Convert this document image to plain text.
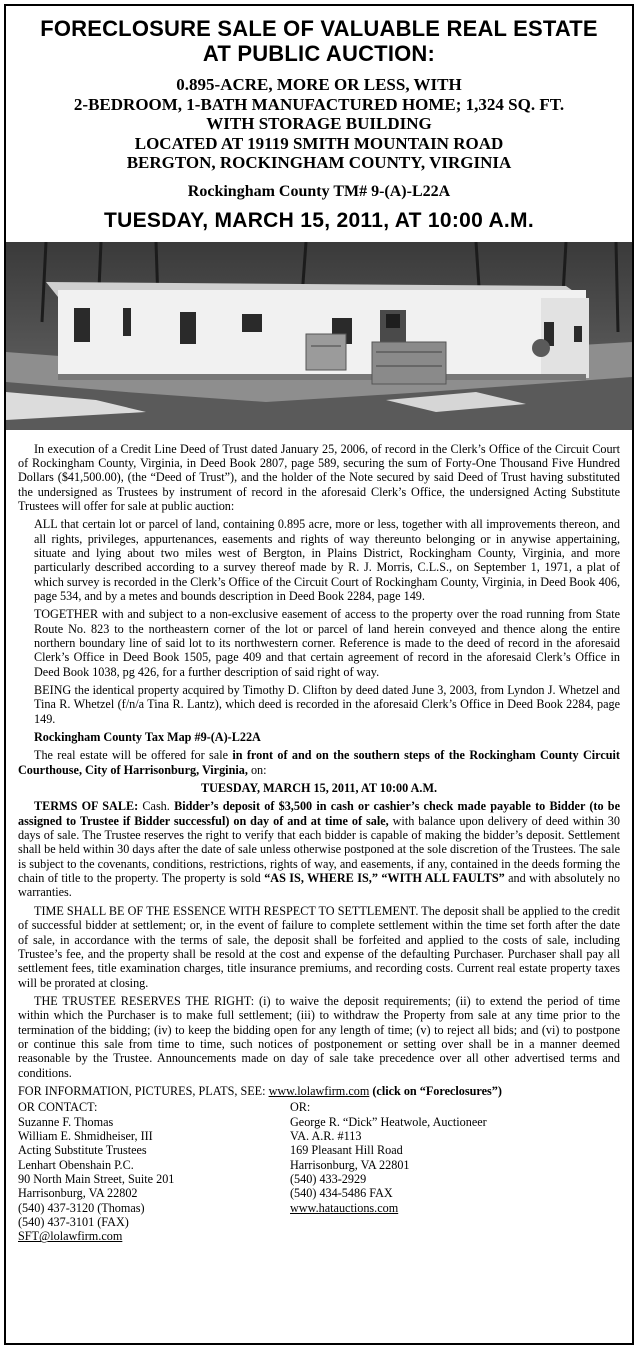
FORECLOSURE SALE OF VALUABLE REAL ESTATE
AT PUBLIC AUCTION:
0.895-ACRE, MORE OR LESS, WITH
2-BEDROOM, 1-BATH MANUFACTURED HOME; 1,324 SQ. FT.
WITH STORAGE BUILDING
LOCATED AT 19119 SMITH MOUNTAIN ROAD
BERGTON, ROCKINGHAM COUNTY, VIRGINIA
Rockingham County TM# 9-(A)-L22A
TUESDAY, MARCH 15, 2011, AT 10:00 A.M.

In execution of a Credit Line Deed of Trust dated January 25, 2006, of record in the Clerk’s Office of the Circuit Court of Rockingham County, Virginia, in Deed Book 2807, page 589, securing the sum of Forty-One Thousand Five Hundred Dollars ($41,500.00), (the “Deed of Trust”), and the holder of the Note secured by said Deed of Trust having substituted the undersigned as Trustees by instrument of record in the aforesaid Clerk’s Office, the undersigned Acting Substitute Trustees will offer for sale at public auction:

ALL that certain lot or parcel of land, containing 0.895 acre, more or less, together with all improvements thereon, and all rights, privileges, appurtenances, easements and rights of way thereunto belonging or in anywise appertaining, situate and lying about two miles west of Bergton, in Plains District, Rockingham County, Virginia, and more particularly described according to a survey thereof made by R. J. Morris, C.L.S., on September 1, 1971, a plat of which survey is recorded in the Clerk’s Office of the Circuit Court of Rockingham County, Virginia, in Deed Book 406, page 534, and by a metes and bounds description in Deed Book 2284, page 149.

TOGETHER with and subject to a non-exclusive easement of access to the property over the road running from State Route No. 823 to the northeastern corner of the lot or parcel of land herein conveyed and thence along the entire northern boundary line of said lot to its northwestern corner. Reference is made to the deed of record in the aforesaid Clerk’s Office in Deed Book 1505, page 409 and that certain agreement of record in the aforesaid Clerk’s Office in Deed Book 1038, pg 426, for a further description of said right of way.

BEING the identical property acquired by Timothy D. Clifton by deed dated June 3, 2003, from Lyndon J. Whetzel and Tina R. Whetzel (f/n/a Tina R. Lantz), which deed is recorded in the aforesaid Clerk’s Office in Deed Book 2284, page 149.

Rockingham County Tax Map #9-(A)-L22A

The real estate will be offered for sale in front of and on the southern steps of the Rockingham County Circuit Courthouse, City of Harrisonburg, Virginia, on:

TUESDAY, MARCH 15, 2011, AT 10:00 A.M.

TERMS OF SALE: Cash. Bidder’s deposit of $3,500 in cash or cashier’s check made payable to Bidder (to be assigned to Trustee if Bidder successful) on day of and at time of sale, with balance upon delivery of deed within 30 days of sale. The Trustee reserves the right to verify that each bidder is capable of making the bidder’s deposit. Settlement shall be held within 30 days after the date of sale unless otherwise postponed at the sole discretion of the Trustees. The sale is subject to the covenants, conditions, restrictions, rights of way, and easements, if any, contained in the deeds forming the chain of title to the property. The property is sold “AS IS, WHERE IS,” “WITH ALL FAULTS” and with absolutely no warranties.

TIME SHALL BE OF THE ESSENCE WITH RESPECT TO SETTLEMENT. The deposit shall be applied to the credit of successful bidder at settlement; or, in the event of failure to complete settlement within the time set forth after the date of sale, in accordance with the terms of sale, the deposit shall be forfeited and applied to the costs of sale, including Trustee’s fee, and the property shall be resold at the cost and expense of the defaulting Purchaser. Purchaser shall pay all settlement fees, title examination charges, title insurance premiums, and recording costs. Current real estate property taxes will be prorated at closing.

THE TRUSTEE RESERVES THE RIGHT: (i) to waive the deposit requirements; (ii) to extend the period of time within which the Purchaser is to make full settlement; (iii) to withdraw the Property from sale at any time prior to the termination of the bidding; (iv) to keep the bidding open for any length of time; (v) to reject all bids; and (vi) to postpone or continue this sale from time to time, such notices of postponement or setting over shall be in a manner deemed reasonable by the Trustee. Announcements made on day of sale take precedence over all other advertised terms and conditions.

FOR INFORMATION, PICTURES, PLATS, SEE: www.lolawfirm.com (click on “Foreclosures”)

OR CONTACT:
Suzanne F. Thomas
William E. Shmidheiser, III
Acting Substitute Trustees
Lenhart Obenshain P.C.
90 North Main Street, Suite 201
Harrisonburg, VA 22802
(540) 437-3120 (Thomas)
(540) 437-3101 (FAX)
SFT@lolawfirm.com
OR:
George R. “Dick” Heatwole, Auctioneer
VA. A.R. #113
169 Pleasant Hill Road
Harrisonburg, VA 22801
(540) 433-2929
(540) 434-5486 FAX
www.hatauctions.com
